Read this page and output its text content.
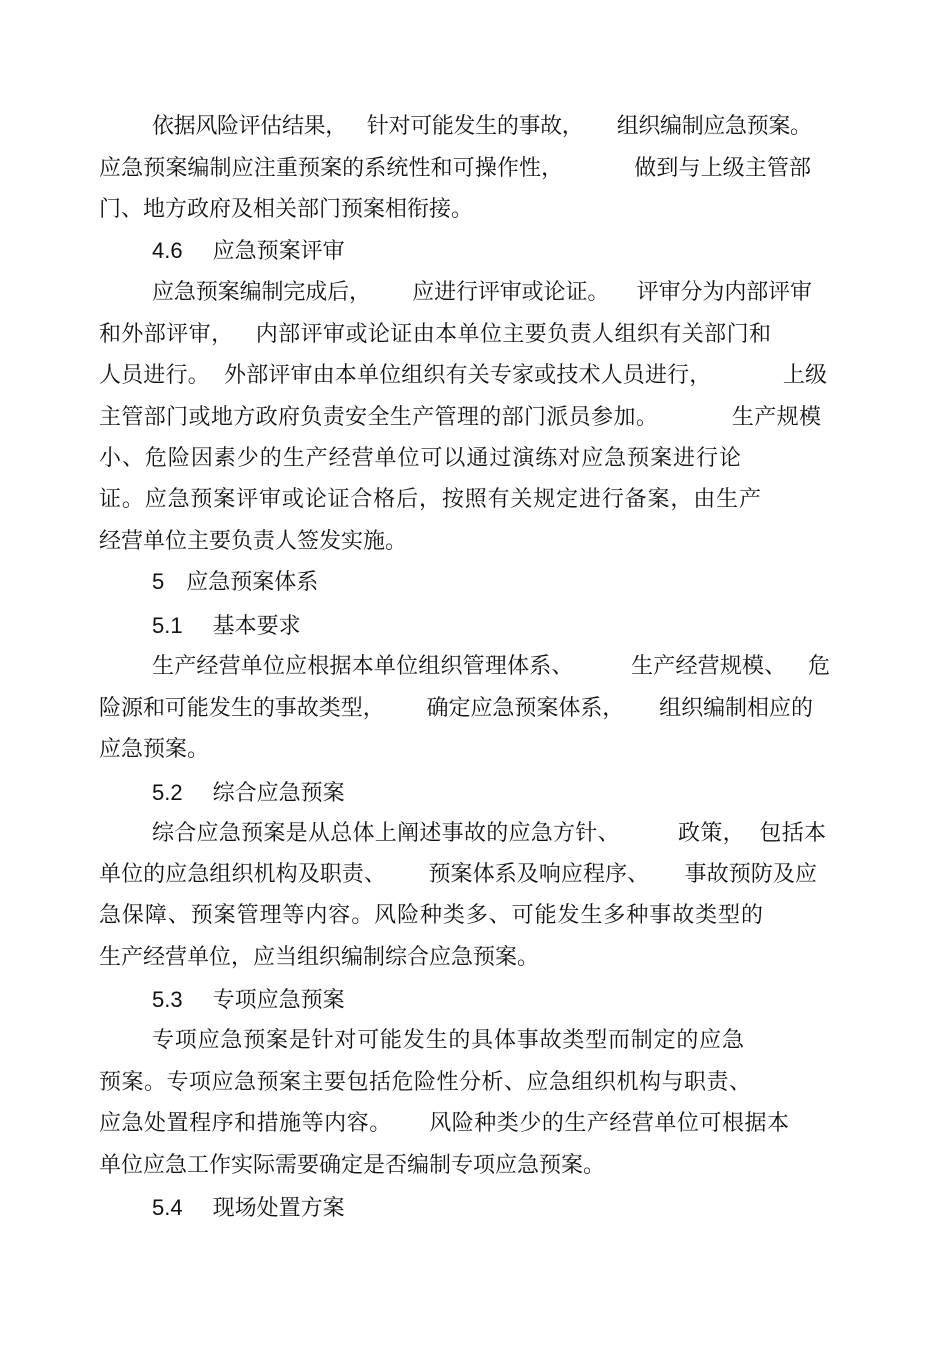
依据风险评估结果，   针对可能发生的事故，     组织编制应急预案。
应急预案编制应注重预案的系统性和可操作性，          做到与上级主管部
门、地方政府及相关部门预案相衔接。
4.6 应急预案评审
应急预案编制完成后，      应进行评审或论证。    评审分为内部评审
和外部评审，   内部评审或论证由本单位主要负责人组织有关部门和
人员进行。  外部评审由本单位组织有关专家或技术人员进行，          上级
主管部门或地方政府负责安全生产管理的部门派员参加。          生产规模
小、危险因素少的生产经营单位可以通过演练对应急预案进行论
证。应急预案评审或论证合格后，按照有关规定进行备案，由生产
经营单位主要负责人签发实施。
5 应急预案体系
5.1 基本要求
生产经营单位应根据本单位组织管理体系、        生产经营规模、   危
险源和可能发生的事故类型，      确定应急预案体系，     组织编制相应的
应急预案。
5.2 综合应急预案
综合应急预案是从总体上阐述事故的应急方针、        政策，  包括本
单位的应急组织机构及职责、      预案体系及响应程序、     事故预防及应
急保障、预案管理等内容。风险种类多、可能发生多种事故类型的
生产经营单位，应当组织编制综合应急预案。
5.3 专项应急预案
专项应急预案是针对可能发生的具体事故类型而制定的应急
预案。专项应急预案主要包括危险性分析、应急组织机构与职责、
应急处置程序和措施等内容。     风险种类少的生产经营单位可根据本
单位应急工作实际需要确定是否编制专项应急预案。
5.4 现场处置方案
